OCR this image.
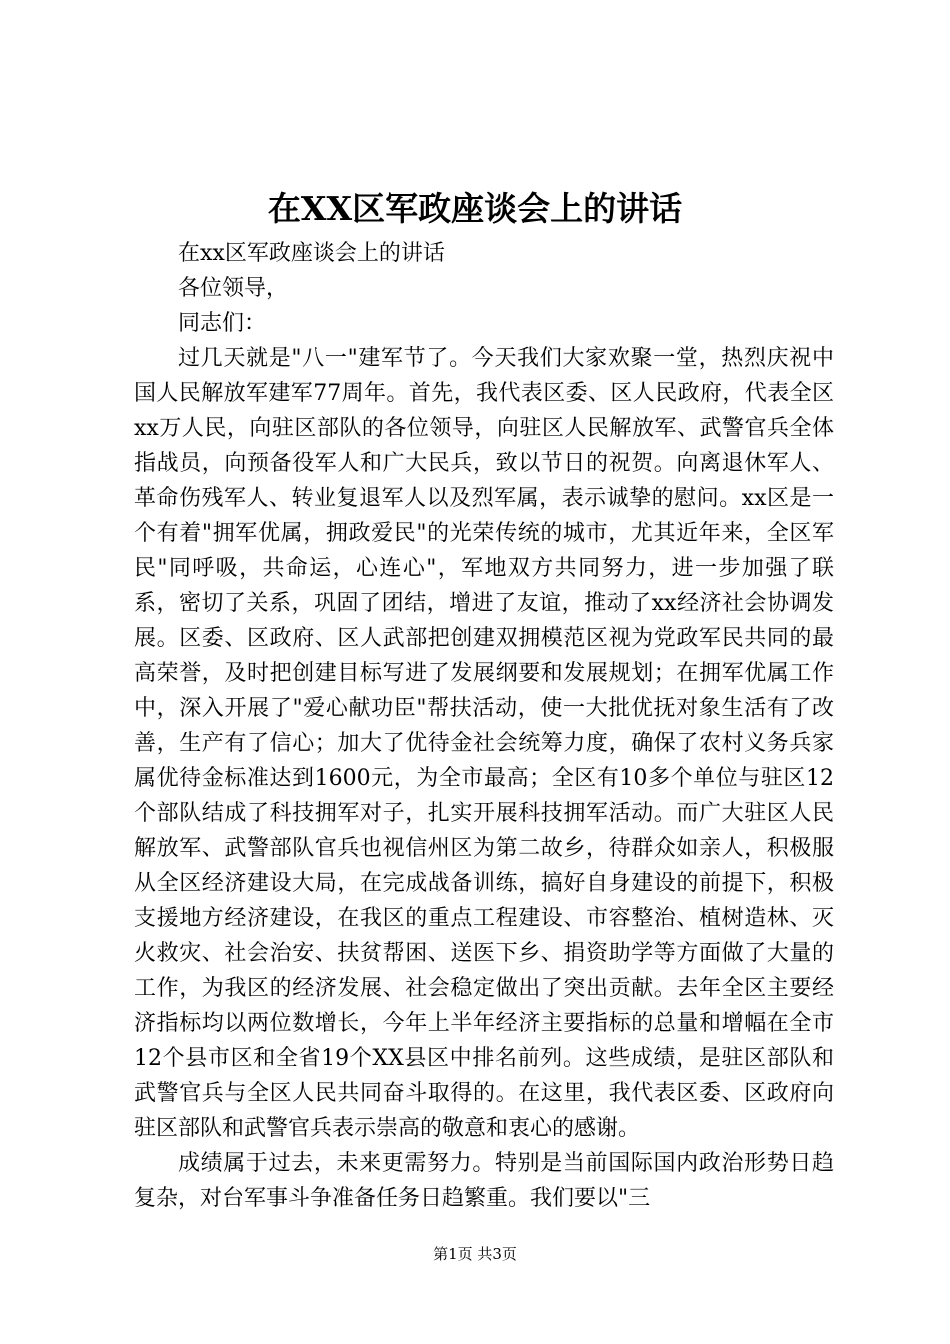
在XX区军政座谈会上的讲话

在xx区军政座谈会上的讲话

各位领导，

同志们：

过几天就是"八一"建军节了。今天我们大家欢聚一堂，热烈庆祝中国人民解放军建军77周年。首先，我代表区委、区人民政府，代表全区xx万人民，向驻区部队的各位领导，向驻区人民解放军、武警官兵全体指战员，向预备役军人和广大民兵，致以节日的祝贺。向离退休军人、革命伤残军人、转业复退军人以及烈军属，表示诚挚的慰问。xx区是一个有着"拥军优属，拥政爱民"的光荣传统的城市，尤其近年来，全区军民"同呼吸，共命运，心连心"，军地双方共同努力，进一步加强了联系，密切了关系，巩固了团结，增进了友谊，推动了xx经济社会协调发展。区委、区政府、区人武部把创建双拥模范区视为党政军民共同的最高荣誉，及时把创建目标写进了发展纲要和发展规划；在拥军优属工作中，深入开展了"爱心献功臣"帮扶活动，使一大批优抚对象生活有了改善，生产有了信心；加大了优待金社会统筹力度，确保了农村义务兵家属优待金标准达到1600元，为全市最高；全区有10多个单位与驻区12个部队结成了科技拥军对子，扎实开展科技拥军活动。而广大驻区人民解放军、武警部队官兵也视信州区为第二故乡，待群众如亲人，积极服从全区经济建设大局，在完成战备训练，搞好自身建设的前提下，积极支援地方经济建设，在我区的重点工程建设、市容整治、植树造林、灭火救灾、社会治安、扶贫帮困、送医下乡、捐资助学等方面做了大量的工作，为我区的经济发展、社会稳定做出了突出贡献。去年全区主要经济指标均以两位数增长，今年上半年经济主要指标的总量和增幅在全市12个县市区和全省19个XX县区中排名前列。这些成绩，是驻区部队和武警官兵与全区人民共同奋斗取得的。在这里，我代表区委、区政府向驻区部队和武警官兵表示崇高的敬意和衷心的感谢。

成绩属于过去，未来更需努力。特别是当前国际国内政治形势日趋复杂，对台军事斗争准备任务日趋繁重。我们要以"三

第1页 共3页
